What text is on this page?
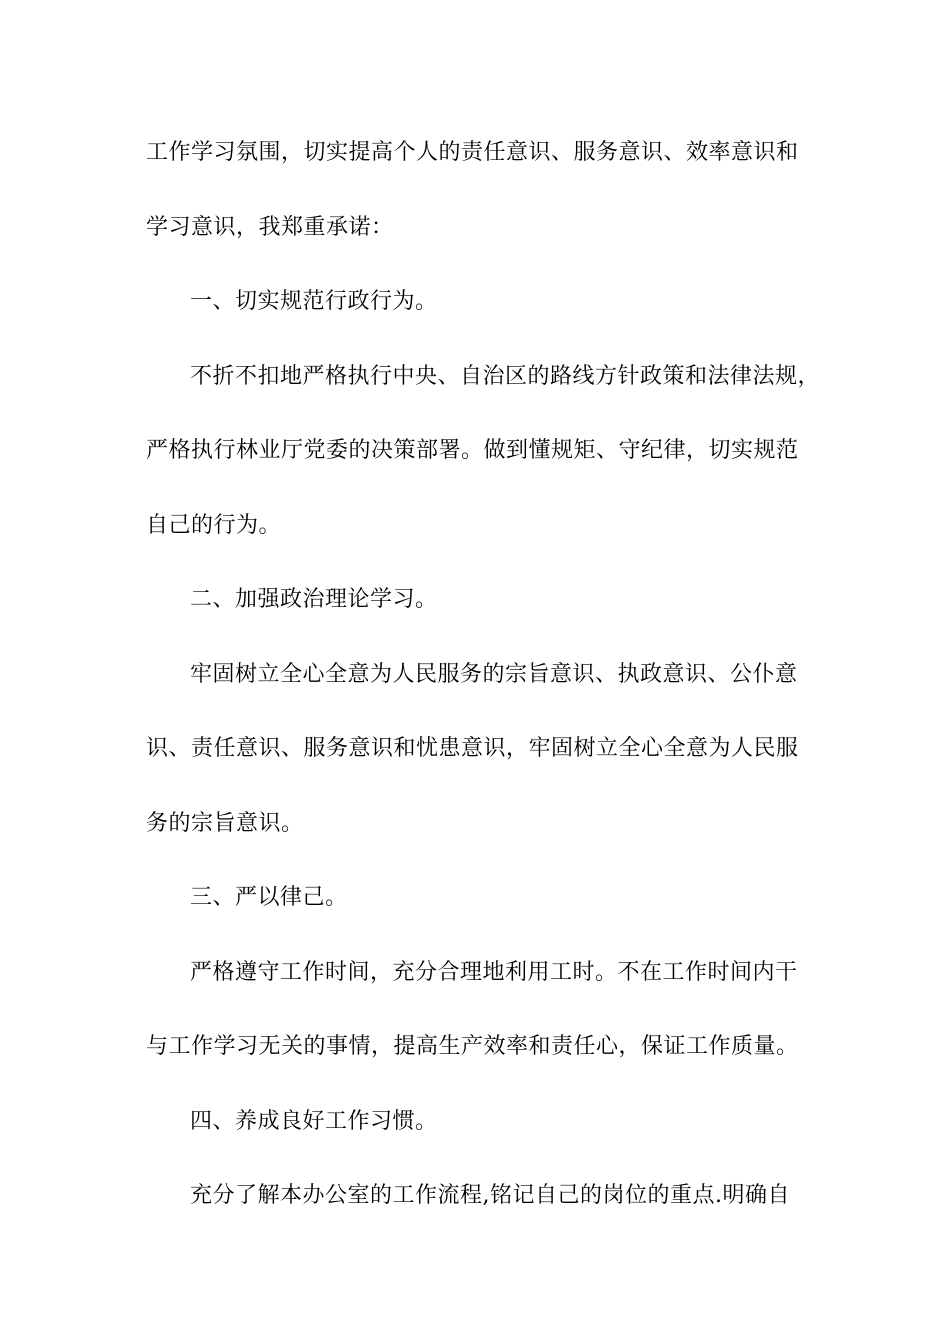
工作学习氛围，切实提高个人的责任意识、服务意识、效率意识和
学习意识，我郑重承诺：
一、切实规范行政行为。
不折不扣地严格执行中央、自治区的路线方针政策和法律法规，
严格执行林业厅党委的决策部署。做到懂规矩、守纪律，切实规范
自己的行为。
二、加强政治理论学习。
牢固树立全心全意为人民服务的宗旨意识、执政意识、公仆意
识、责任意识、服务意识和忧患意识，牢固树立全心全意为人民服
务的宗旨意识。
三、严以律己。
严格遵守工作时间，充分合理地利用工时。不在工作时间内干
与工作学习无关的事情，提高生产效率和责任心，保证工作质量。
四、养成良好工作习惯。
充分了解本办公室的工作流程,铭记自己的岗位的重点.明确自
